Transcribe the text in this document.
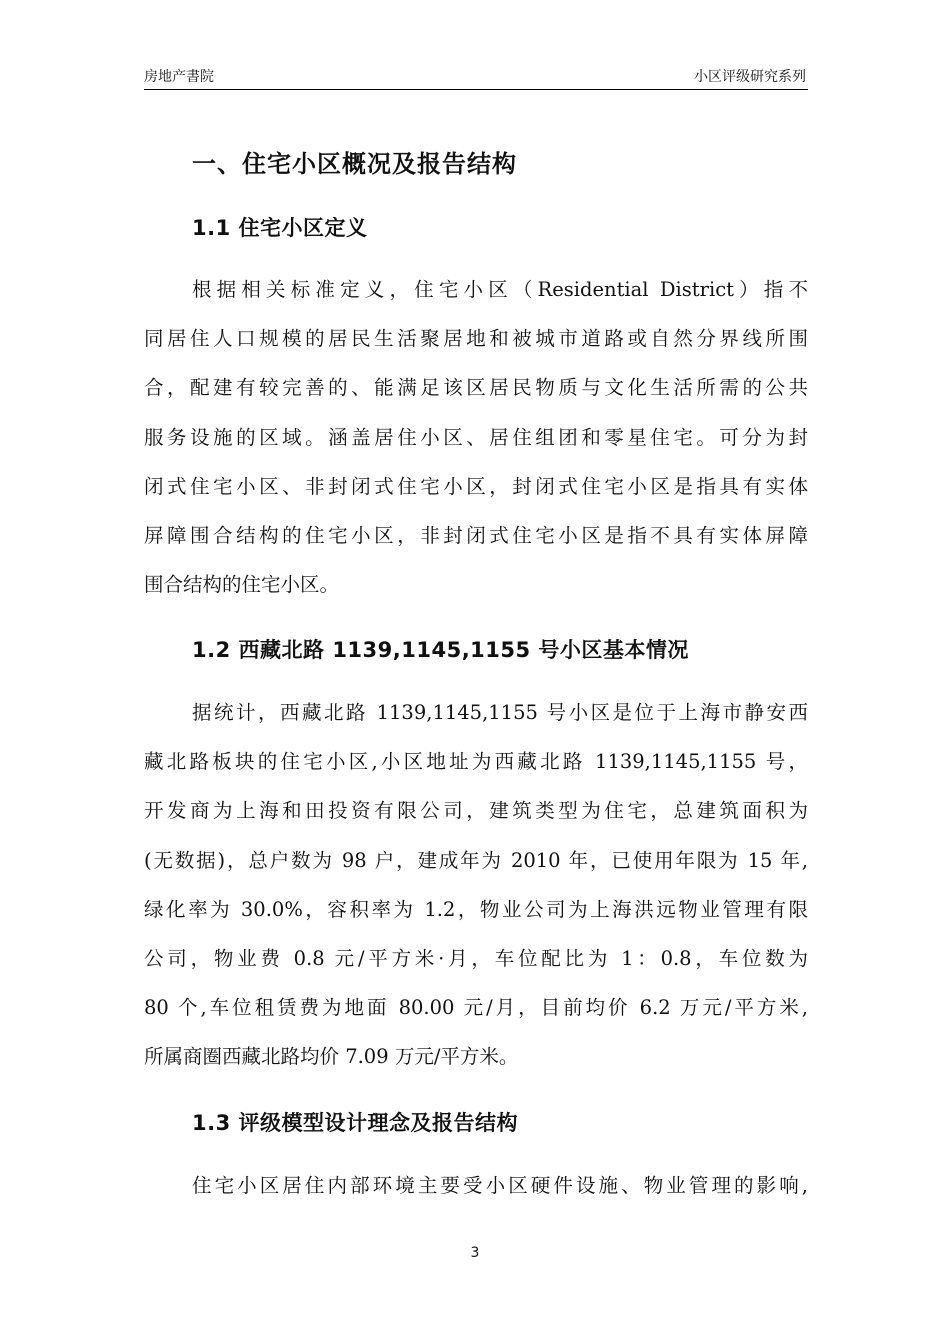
房地产書院	小区评级研究系列
一、住宅小区概况及报告结构
1.1 住宅小区定义
根据相关标准定义，住宅小区（Residential District）指不
同居住人口规模的居民生活聚居地和被城市道路或自然分界线所围
合，配建有较完善的、能满足该区居民物质与文化生活所需的公共
服务设施的区域。涵盖居住小区、居住组团和零星住宅。可分为封
闭式住宅小区、非封闭式住宅小区，封闭式住宅小区是指具有实体
屏障围合结构的住宅小区，非封闭式住宅小区是指不具有实体屏障
围合结构的住宅小区。
1.2 西藏北路 1139,1145,1155 号小区基本情况
据统计，西藏北路 1139,1145,1155 号小区是位于上海市静安西
藏北路板块的住宅小区,小区地址为西藏北路 1139,1145,1155 号，
开发商为上海和田投资有限公司，建筑类型为住宅，总建筑面积为
(无数据)，总户数为 98 户，建成年为 2010 年，已使用年限为 15 年,
绿化率为 30.0%，容积率为 1.2，物业公司为上海洪远物业管理有限
公司，物业费 0.8 元/平方米·月，车位配比为 1：0.8，车位数为
80 个,车位租赁费为地面 80.00 元/月，目前均价 6.2 万元/平方米,
所属商圈西藏北路均价 7.09 万元/平方米。
1.3 评级模型设计理念及报告结构
住宅小区居住内部环境主要受小区硬件设施、物业管理的影响,
3
